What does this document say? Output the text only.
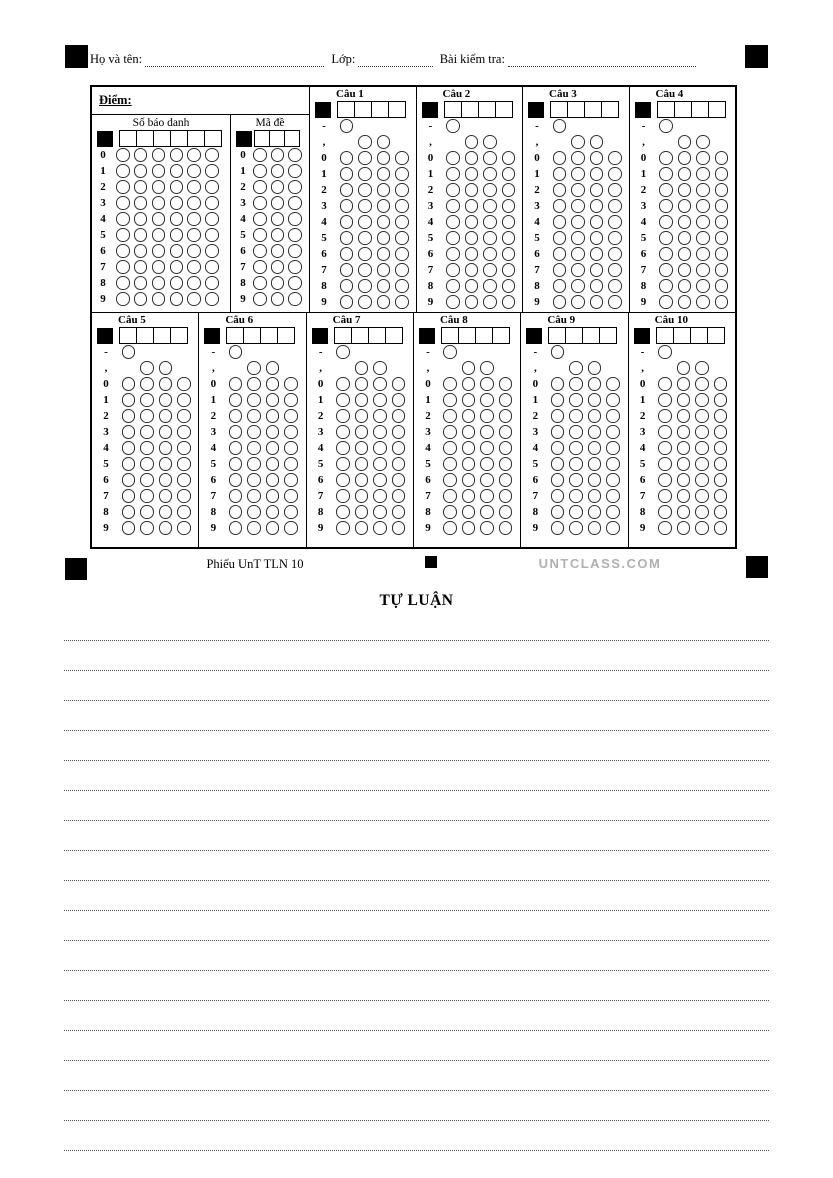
Họ và tên:	Lớp:	Bài kiểm tra:
Điểm:
Số báo danh
0
1
2
3
4
5
6
7
8
9
Mã đề
0
1
2
3
4
5
6
7
8
9
Câu 1
-
,
0
1
2
3
4
5
6
7
8
9
Câu 2
-
,
0
1
2
3
4
5
6
7
8
9
Câu 3
-
,
0
1
2
3
4
5
6
7
8
9
Câu 4
-
,
0
1
2
3
4
5
6
7
8
9
Câu 5
-
,
0
1
2
3
4
5
6
7
8
9
Câu 6
-
,
0
1
2
3
4
5
6
7
8
9
Câu 7
-
,
0
1
2
3
4
5
6
7
8
9
Câu 8
-
,
0
1
2
3
4
5
6
7
8
9
Câu 9
-
,
0
1
2
3
4
5
6
7
8
9
Câu 10
-
,
0
1
2
3
4
5
6
7
8
9
Phiếu UnT TLN 10	UNTCLASS.COM
TỰ LUẬN
